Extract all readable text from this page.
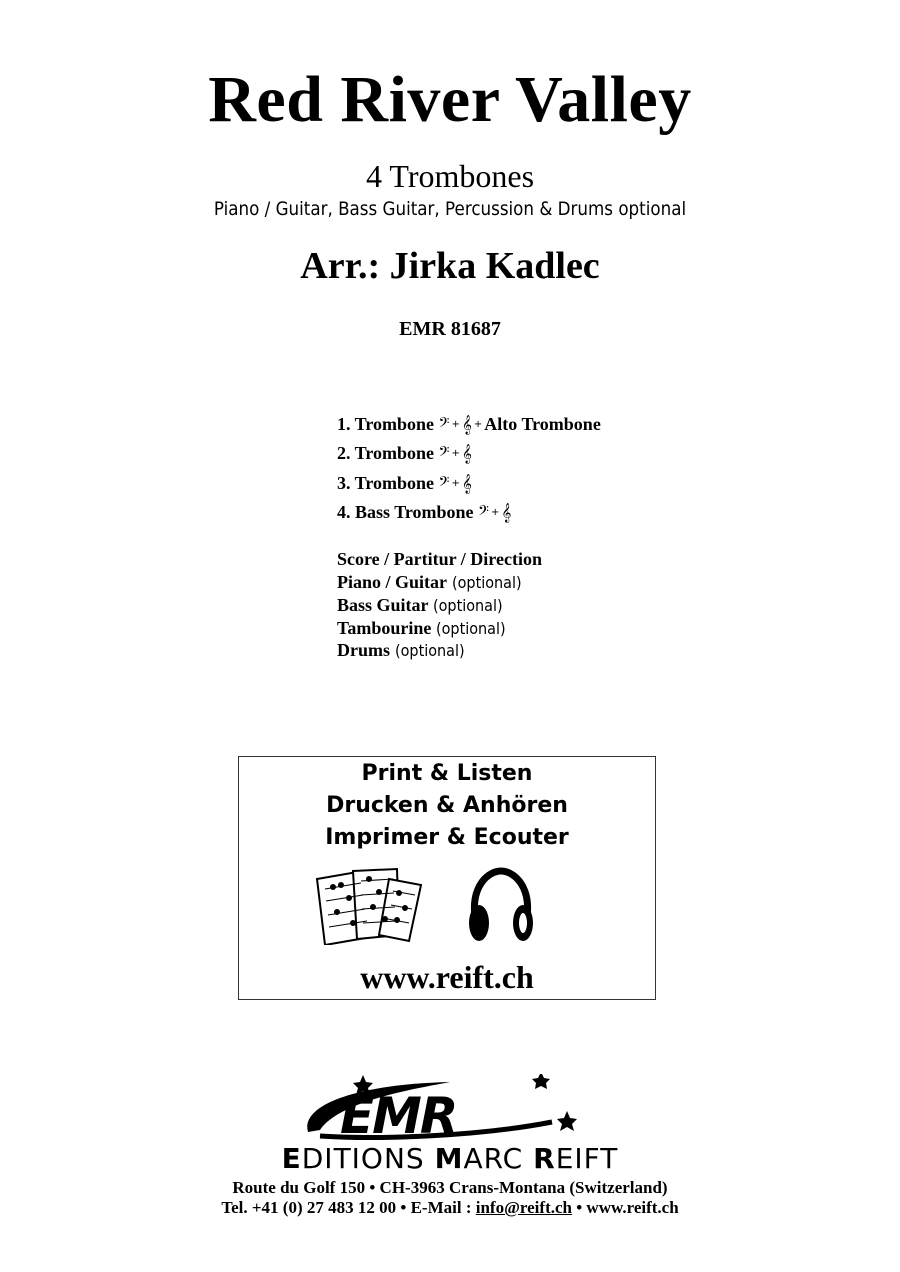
Red River Valley
4 Trombones
Piano / Guitar, Bass Guitar, Percussion & Drums optional
Arr.: Jirka Kadlec
EMR 81687
1. Trombone 𝄢 + 𝄞 + Alto Trombone
2. Trombone 𝄢 + 𝄞
3. Trombone 𝄢 + 𝄞
4. Bass Trombone 𝄢 + 𝄞
Score / Partitur / Direction
Piano / Guitar (optional)
Bass Guitar (optional)
Tambourine (optional)
Drums (optional)
Print & Listen
Drucken & Anhören
Imprimer & Ecouter
www.reift.ch
EMR
EDITIONS MARC REIFT
Route du Golf 150 • CH-3963 Crans-Montana (Switzerland)
Tel. +41 (0) 27 483 12 00 • E-Mail : info@reift.ch • www.reift.ch
